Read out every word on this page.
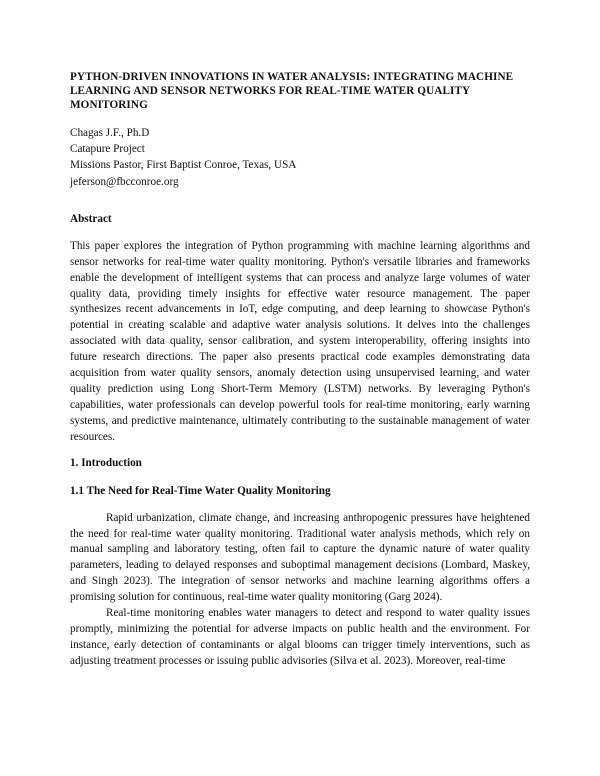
PYTHON-DRIVEN INNOVATIONS IN WATER ANALYSIS: INTEGRATING MACHINE LEARNING AND SENSOR NETWORKS FOR REAL-TIME WATER QUALITY MONITORING
Chagas J.F., Ph.D
Catapure Project
Missions Pastor, First Baptist Conroe, Texas, USA
jeferson@fbcconroe.org
Abstract

This paper explores the integration of Python programming with machine learning algorithms and sensor networks for real-time water quality monitoring. Python's versatile libraries and frameworks enable the development of intelligent systems that can process and analyze large volumes of water quality data, providing timely insights for effective water resource management. The paper synthesizes recent advancements in IoT, edge computing, and deep learning to showcase Python's potential in creating scalable and adaptive water analysis solutions. It delves into the challenges associated with data quality, sensor calibration, and system interoperability, offering insights into future research directions. The paper also presents practical code examples demonstrating data acquisition from water quality sensors, anomaly detection using unsupervised learning, and water quality prediction using Long Short-Term Memory (LSTM) networks. By leveraging Python's capabilities, water professionals can develop powerful tools for real-time monitoring, early warning systems, and predictive maintenance, ultimately contributing to the sustainable management of water resources.

1. Introduction
1.1 The Need for Real-Time Water Quality Monitoring

Rapid urbanization, climate change, and increasing anthropogenic pressures have heightened the need for real-time water quality monitoring. Traditional water analysis methods, which rely on manual sampling and laboratory testing, often fail to capture the dynamic nature of water quality parameters, leading to delayed responses and suboptimal management decisions (Lombard, Maskey, and Singh 2023). The integration of sensor networks and machine learning algorithms offers a promising solution for continuous, real-time water quality monitoring (Garg 2024).

Real-time monitoring enables water managers to detect and respond to water quality issues promptly, minimizing the potential for adverse impacts on public health and the environment. For instance, early detection of contaminants or algal blooms can trigger timely interventions, such as adjusting treatment processes or issuing public advisories (Silva et al. 2023). Moreover, real-time
